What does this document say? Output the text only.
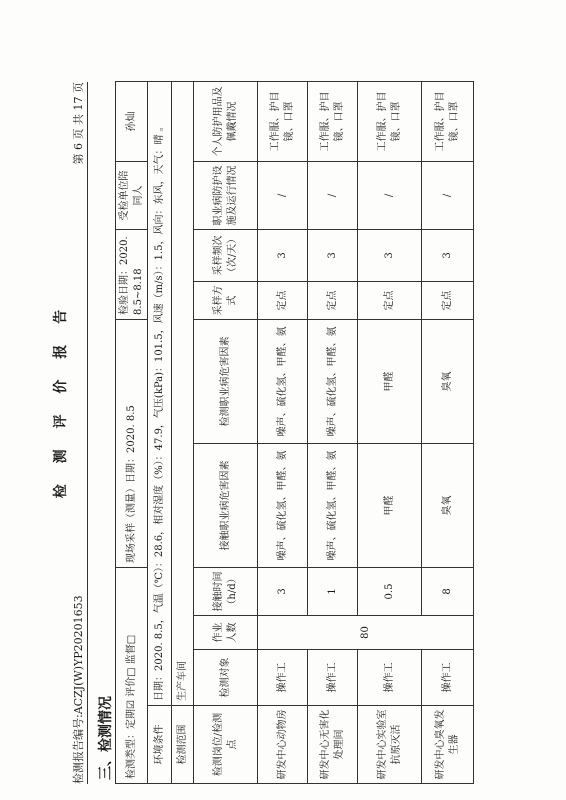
检 测 评 价 报 告
检测报告编号:ACZJ(W)YP20201653
第 6 页 共 17 页
三、检测情况 检测类型：定期☑ 评价□ 监督□				现场采样（测量）日期：2020. 8.5		检验日期：2020. 8.5~8.18		受检单位陪同人	孙灿
环境条件	日期：2020. 8.5，气温（℃）：28.6，相对湿度（%）：47.9，气压(kPa)：101.5，风速（m/s）：1.5，风向：东风，天气：晴 。								
检测范围	生产车间								
检测岗位/检测点	检测对象	作业人数	接触时间（h/d）	接触职业病危害因素	检测职业病危害因素	采样方式	采样频次（次/天）	职业病防护设施及运行情况	个人防护用品及佩戴情况
研发中心动物房	操作工	80	3	噪声、硫化氢、甲醛、氨	噪声、硫化氢、甲醛、氨	定点	3	/	工作服、护目镜、口罩
研发中心无害化处理间	操作工		1	噪声、硫化氢、甲醛、氨	噪声、硫化氢、甲醛、氨	定点	3	/	工作服、护目镜、口罩
研发中心实验室抗原灭活	操作工		0.5	甲醛	甲醛	定点	3	/	工作服、护目镜、口罩
研发中心臭氧发生器	操作工		8	臭氧	臭氧	定点	3	/	工作服、护目镜、口罩
